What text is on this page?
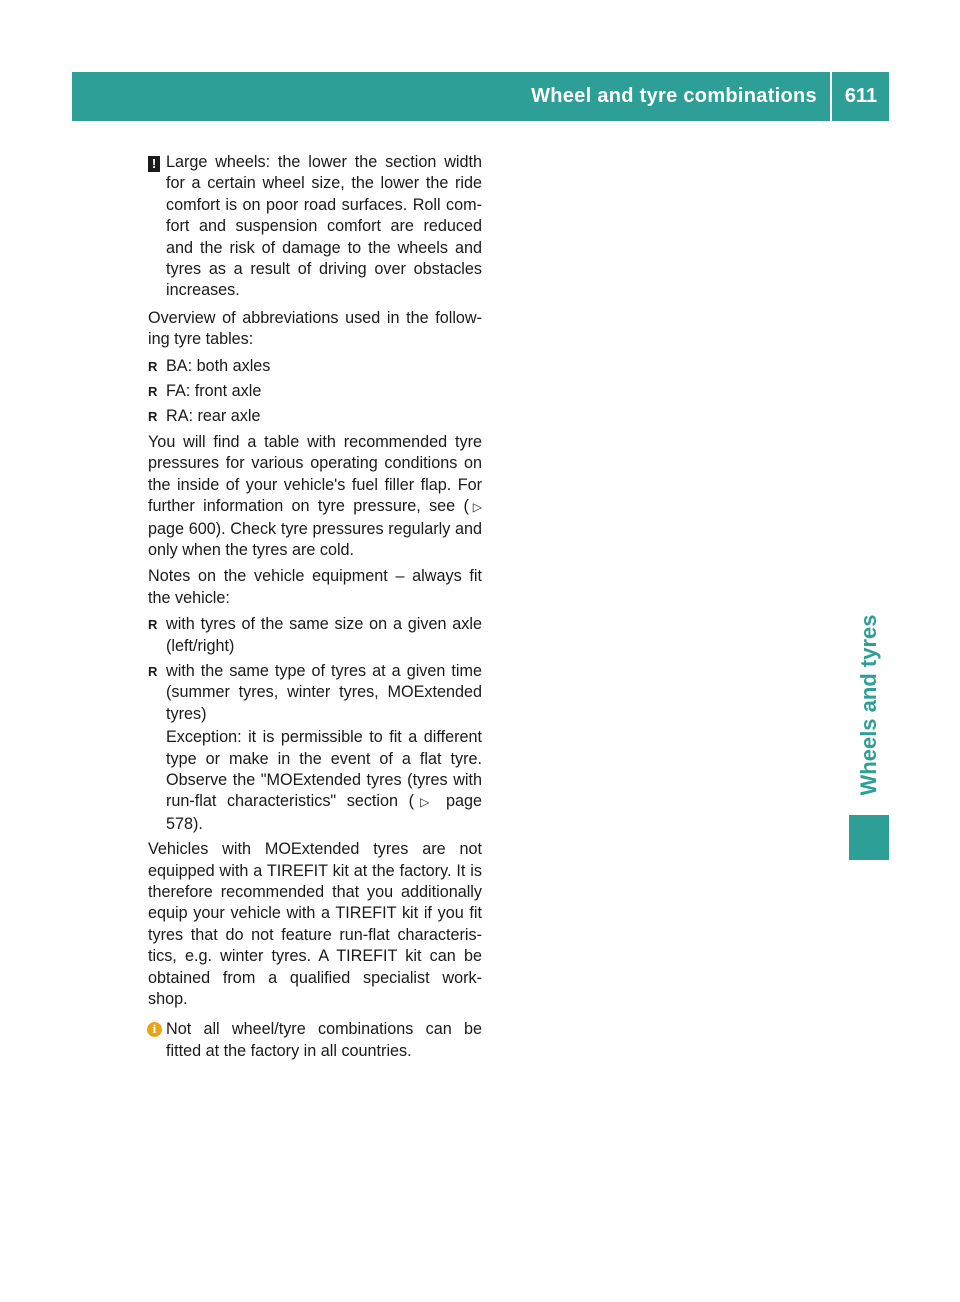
Wheel and tyre combinations	611
Wheels and tyres
! Large wheels: the lower the section width for a certain wheel size, the lower the ride comfort is on poor road surfaces. Roll com- fort and suspension comfort are reduced and the risk of damage to the wheels and tyres as a result of driving over obstacles increases.

Overview of abbreviations used in the follow- ing tyre tables:

R BA: both axles
R FA: front axle
R RA: rear axle

You will find a table with recommended tyre pressures for various operating conditions on the inside of your vehicle's fuel filler flap. For further information on tyre pressure, see (▷ page 600). Check tyre pressures regularly and only when the tyres are cold.

Notes on the vehicle equipment – always fit the vehicle:

R with tyres of the same size on a given axle (left/right)
R with the same type of tyres at a given time (summer tyres, winter tyres, MOExtended tyres)
Exception: it is permissible to fit a different type or make in the event of a flat tyre. Observe the "MOExtended tyres (tyres with run-flat characteristics" section (▷ page 578).

Vehicles with MOExtended tyres are not equipped with a TIREFIT kit at the factory. It is therefore recommended that you additionally equip your vehicle with a TIREFIT kit if you fit tyres that do not feature run-flat characteris- tics, e.g. winter tyres. A TIREFIT kit can be obtained from a qualified specialist work- shop.

i Not all wheel/tyre combinations can be fitted at the factory in all countries.
